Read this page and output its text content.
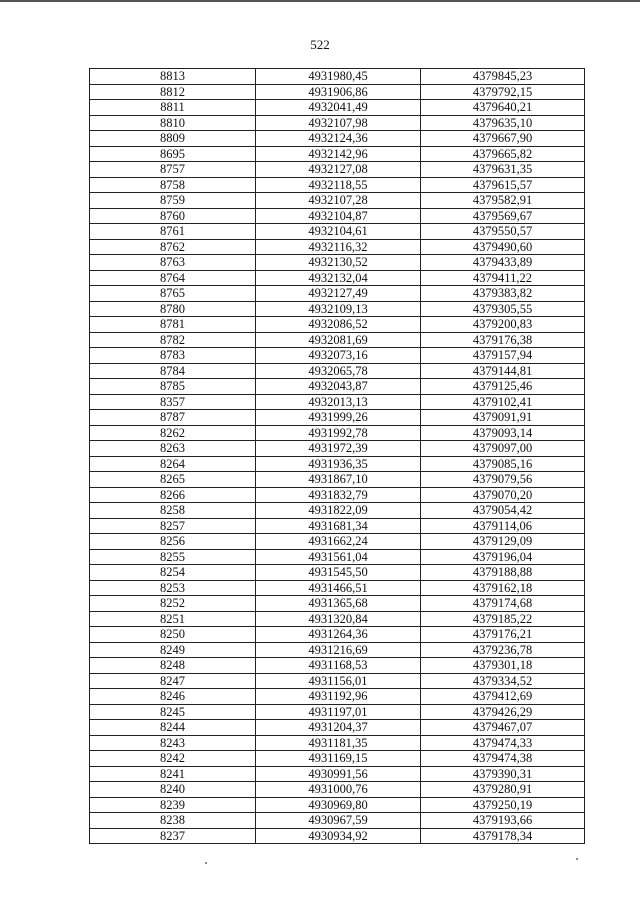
522
8813	4931980,45	4379845,23
8812	4931906,86	4379792,15
8811	4932041,49	4379640,21
8810	4932107,98	4379635,10
8809	4932124,36	4379667,90
8695	4932142,96	4379665,82
8757	4932127,08	4379631,35
8758	4932118,55	4379615,57
8759	4932107,28	4379582,91
8760	4932104,87	4379569,67
8761	4932104,61	4379550,57
8762	4932116,32	4379490,60
8763	4932130,52	4379433,89
8764	4932132,04	4379411,22
8765	4932127,49	4379383,82
8780	4932109,13	4379305,55
8781	4932086,52	4379200,83
8782	4932081,69	4379176,38
8783	4932073,16	4379157,94
8784	4932065,78	4379144,81
8785	4932043,87	4379125,46
8357	4932013,13	4379102,41
8787	4931999,26	4379091,91
8262	4931992,78	4379093,14
8263	4931972,39	4379097,00
8264	4931936,35	4379085,16
8265	4931867,10	4379079,56
8266	4931832,79	4379070,20
8258	4931822,09	4379054,42
8257	4931681,34	4379114,06
8256	4931662,24	4379129,09
8255	4931561,04	4379196,04
8254	4931545,50	4379188,88
8253	4931466,51	4379162,18
8252	4931365,68	4379174,68
8251	4931320,84	4379185,22
8250	4931264,36	4379176,21
8249	4931216,69	4379236,78
8248	4931168,53	4379301,18
8247	4931156,01	4379334,52
8246	4931192,96	4379412,69
8245	4931197,01	4379426,29
8244	4931204,37	4379467,07
8243	4931181,35	4379474,33
8242	4931169,15	4379474,38
8241	4930991,56	4379390,31
8240	4931000,76	4379280,91
8239	4930969,80	4379250,19
8238	4930967,59	4379193,66
8237	4930934,92	4379178,34
